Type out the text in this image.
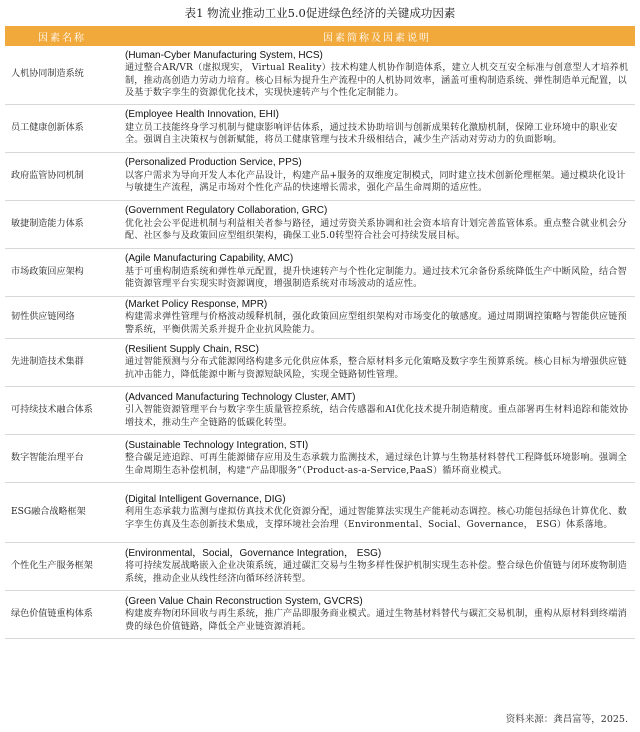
表1 物流业推动工业5.0促进绿色经济的关键成功因素
因素名称	因素简称及因素说明
人机协同制造系统	(Human-Cyber Manufacturing System, HCS)
通过整合AR/VR（虚拟现实， Virtual Reality）技术构建人机协作制造体系，建立人机交互安全标准与创意型人才培养机制，推动高创造力劳动力培育。核心目标为提升生产流程中的人机协同效率，涵盖可重构制造系统、弹性制造单元配置，以及基于数字孪生的资源优化技术，实现快速转产与个性化定制能力。

员工健康创新体系	(Employee Health Innovation, EHI)
建立员工技能终身学习机制与健康影响评估体系，通过技术协助培训与创新成果转化激励机制，保障工业环境中的职业安全。强调自主决策权与创新赋能，将员工健康管理与技术升级相结合，减少生产活动对劳动力的负面影响。

政府监管协同机制	(Personalized Production Service, PPS)
以客户需求为导向开发人本化产品设计，构建产品+服务的双维度定制模式，同时建立技术创新伦理框架。通过模块化设计与敏捷生产流程，满足市场对个性化产品的快速增长需求，强化产品生命周期的适应性。

敏捷制造能力体系	(Government Regulatory Collaboration, GRC)
优化社会公平促进机制与利益相关者参与路径，通过劳资关系协调和社会资本培育计划完善监管体系。重点整合就业机会分配、社区参与及政策回应型组织架构，确保工业5.0转型符合社会可持续发展目标。

市场政策回应架构	(Agile Manufacturing Capability, AMC)
基于可重构制造系统和弹性单元配置，提升快速转产与个性化定制能力。通过技术冗余备份系统降低生产中断风险，结合智能资源管理平台实现实时资源调度，增强制造系统对市场波动的适应性。

韧性供应链网络	(Market Policy Response, MPR)
构建需求弹性管理与价格波动缓释机制，强化政策回应型组织架构对市场变化的敏感度。通过周期调控策略与智能供应链预警系统，平衡供需关系并提升企业抗风险能力。

先进制造技术集群	(Resilient Supply Chain, RSC)
通过智能预测与分布式能源网络构建多元化供应体系，整合原材料多元化策略及数字孪生预算系统。核心目标为增强供应链抗冲击能力，降低能源中断与资源短缺风险，实现全链路韧性管理。

可持续技术融合体系	(Advanced Manufacturing Technology Cluster, AMT)
引入智能资源管理平台与数字孪生质量管控系统，结合传感器和AI优化技术提升制造精度。重点部署再生材料追踪和能效协增技术，推动生产全链路的低碳化转型。

数字智能治理平台	(Sustainable Technology Integration, STI)
整合碳足迹追踪、可再生能源储存应用及生态承载力监测技术，通过绿色计算与生物基材料替代工程降低环境影响。强调全生命周期生态补偿机制，构建“产品即服务”（Product-as-a-Service,PaaS）循环商业模式。

ESG融合战略框架	(Digital Intelligent Governance, DIG)
利用生态承载力监测与虚拟仿真技术优化资源分配，通过智能算法实现生产能耗动态调控。核心功能包括绿色计算优化、数字孪生仿真及生态创新技术集成，支撑环境社会治理（Environmental、Social、Governance， ESG）体系落地。

个性化生产服务框架	(Environmental，Social，Governance Integration， ESG)
将可持续发展战略嵌入企业决策系统，通过碳汇交易与生物多样性保护机制实现生态补偿。整合绿色价值链与闭环废物制造系统，推动企业从线性经济向循环经济转型。

绿色价值链重构体系	(Green Value Chain Reconstruction System, GVCRS)
构建废弃物闭环回收与再生系统，推广产品即服务商业模式。通过生物基材料替代与碳汇交易机制，重构从原材料到终端消费的绿色价值链路，降低全产业链资源消耗。
资料来源：龚昌富等，2025.
